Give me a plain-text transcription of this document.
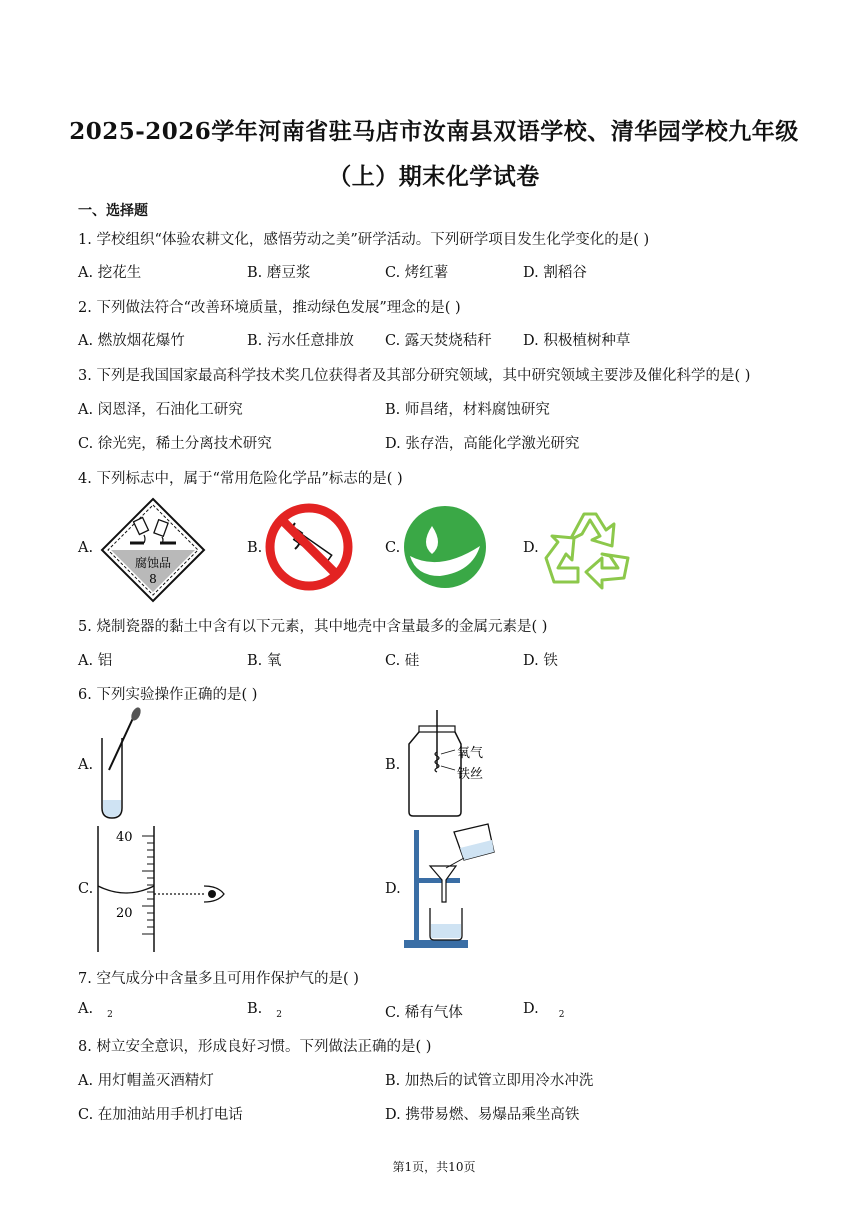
2025-2026学年河南省驻马店市汝南县双语学校、清华园学校九年级
（上）期末化学试卷
一、选择题
1. 学校组织“体验农耕文化，感悟劳动之美”研学活动。下列研学项目发生化学变化的是( )
A. 挖花生	B. 磨豆浆	C. 烤红薯	D. 割稻谷
2. 下列做法符合“改善环境质量，推动绿色发展”理念的是( )
A. 燃放烟花爆竹	B. 污水任意排放 C. 露天焚烧秸秆 D. 积极植树种草
3. 下列是我国国家最高科学技术奖几位获得者及其部分研究领域，其中研究领域主要涉及催化科学的是( )
A. 闵恩泽，石油化工研究	B. 师昌绪，材料腐蚀研究
C. 徐光宪，稀土分离技术研究	D. 张存浩，高能化学激光研究
4. 下列标志中，属于“常用危险化学品”标志的是( )
A.	B.	C.	D.
腐蚀品
8
5. 烧制瓷器的黏土中含有以下元素，其中地壳中含量最多的金属元素是( )
A. 铝	B. 氧	C. 硅	D. 铁
6. 下列实验操作正确的是( )
A.	B.
C.	D.
氧气
铁丝
40
20
7. 空气成分中含量多且可用作保护气的是( )
A. $_2$	B. $_2$	C. 稀有气体	D. $_2$
8. 树立安全意识，形成良好习惯。下列做法正确的是( )
A. 用灯帽盖灭酒精灯	B. 加热后的试管立即用冷水冲洗
C. 在加油站用手机打电话	D. 携带易燃、易爆品乘坐高铁
第1页，共10页
